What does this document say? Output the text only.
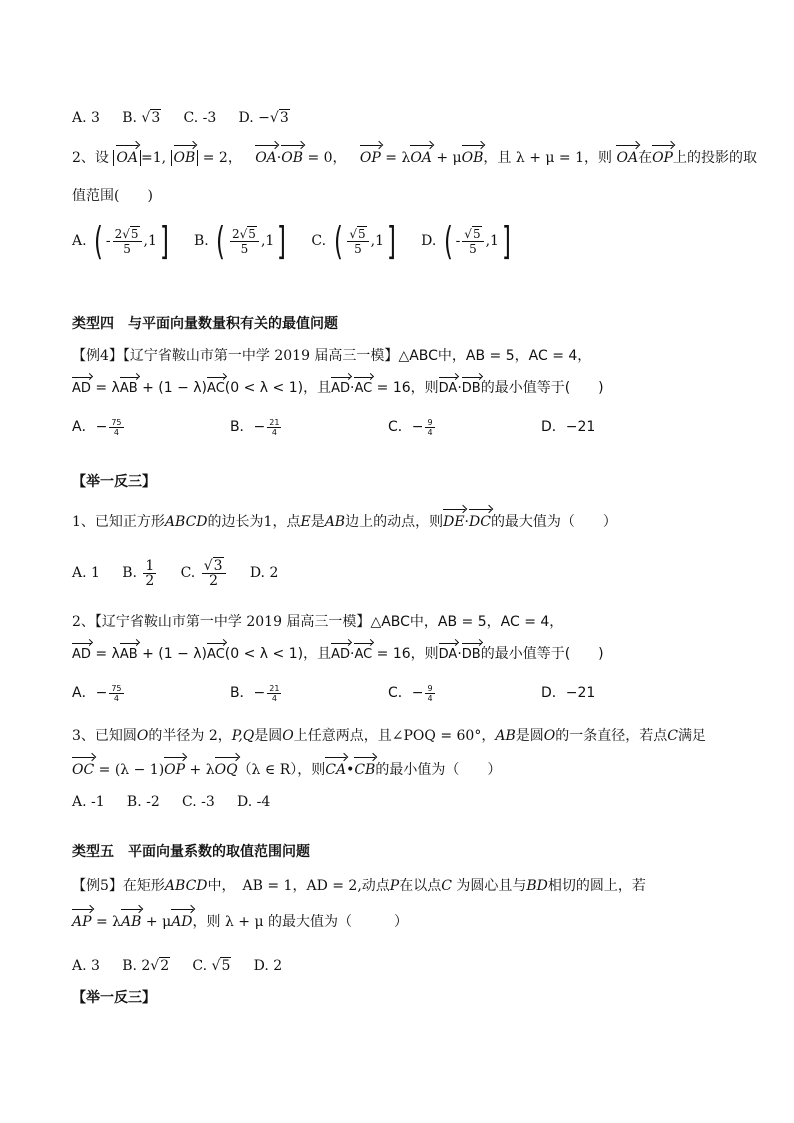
A. 3 B. √3 C. -3 D. −√3
2、设 OA =1, OB = 2， OA·OB = 0， OP = λOA + μOB，且 λ + μ = 1，则 OA在OP上的投影的取
值范围(　　)
A. ( - $\frac{2√5}{5} ,1$] B. ( $\frac{2√5}{5} ,1$] C. ( $\frac{√5}{5} ,1$] D. ( - $\frac{√5}{5} ,1$]
类型四　与平面向量数量积有关的最值问题
【例4】【辽宁省鞍山市第一中学 2019 届高三一模】△ABC中，AB = 5，AC = 4，
AD = λAB + (1 − λ)AC(0 < λ < 1)，且AD·AC = 16，则DA·DB的最小值等于(　　)
A．− $\frac{75}{4}$	B．− $\frac{21}{4}$	C．− $\frac{9}{4}$	D．−21
【举一反三】
1、已知正方形ABCD的边长为1，点E是AB边上的动点，则DE·DC的最大值为（　　）
A. 1 B. $\frac{1}{2} C$. $\frac{√3}{2} D$. 2
2、【辽宁省鞍山市第一中学 2019 届高三一模】△ABC中，AB = 5，AC = 4，
AD = λAB + (1 − λ)AC(0 < λ < 1)，且AD·AC = 16，则DA·DB的最小值等于(　　)
A．− $\frac{75}{4}$	B．− $\frac{21}{4}$	C．− $\frac{9}{4}$	D．−21
3、已知圆O的半径为 2，P,Q是圆O上任意两点，且∠POQ = 60°，AB是圆O的一条直径，若点C满足
OC = (λ − 1)OP + λOQ（λ ∈ R），则CA•CB的最小值为（　　）
A. -1 B. -2 C. -3 D. -4
类型五　平面向量系数的取值范围问题
【例5】在矩形ABCD中，　AB = 1，AD = 2,动点P在以点C 为圆心且与BD相切的圆上，若
AP = λAB + μAD，则 λ + μ 的最大值为（　　　）
A. 3 B. 2√2 C. √5 D. 2
【举一反三】
